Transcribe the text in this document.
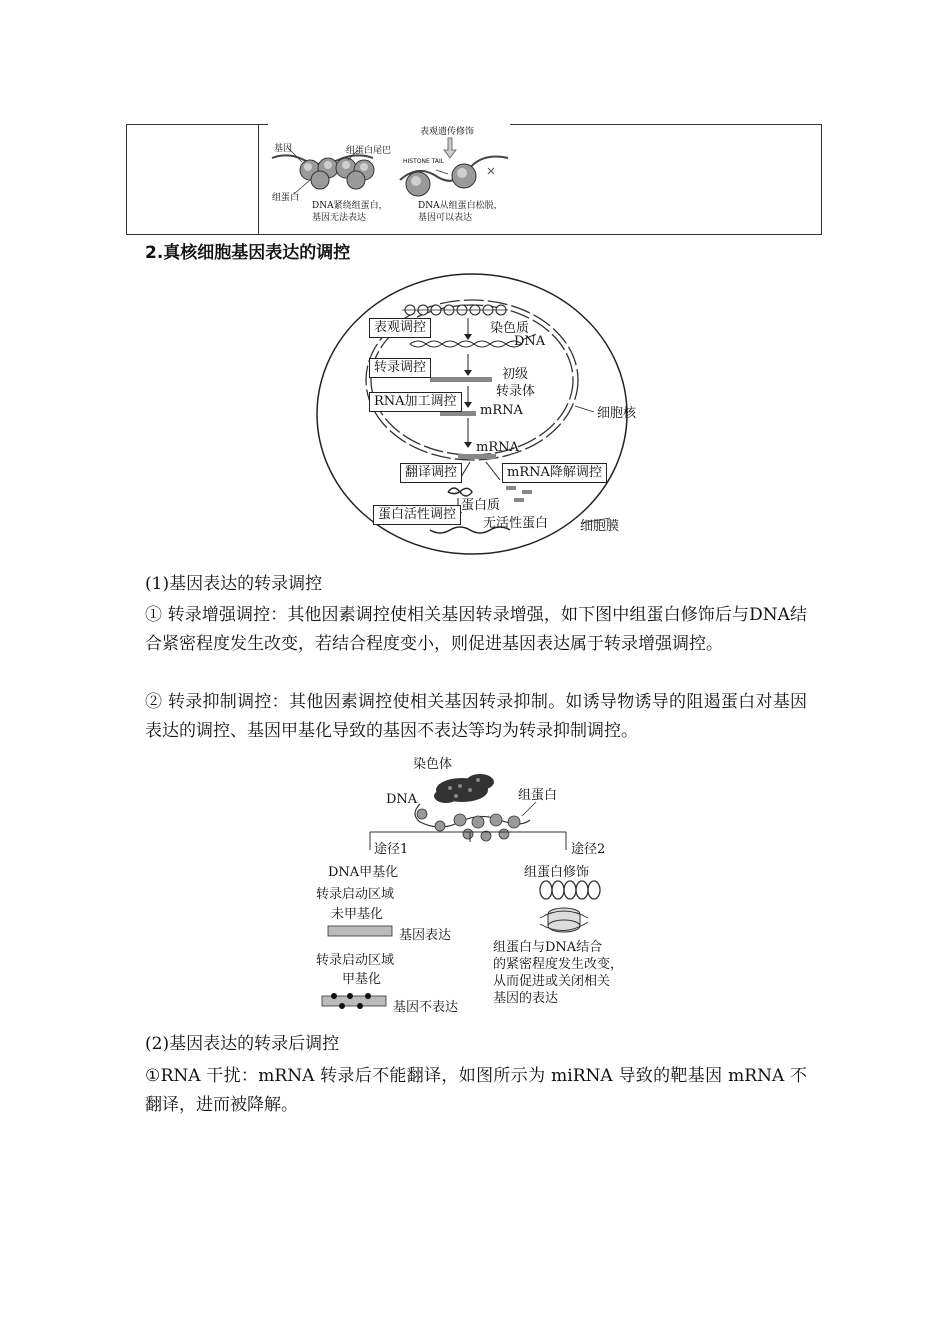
基因	组蛋白尾巴
组蛋白
DNA紧绕组蛋白，
基因无法表达
表观遗传修饰
HISTONE TAIL
DNA从组蛋白松脱，
基因可以表达
2.真核细胞基因表达的调控
表观调控	染色质
DNA
转录调控	初级
转录体
RNA加工调控
mRNA	细胞核
mRNA
翻译调控	mRNA降解调控
蛋白质
蛋白活性调控
无活性蛋白 细胞膜
(1)基因表达的转录调控
① 转录增强调控：其他因素调控使相关基因转录增强，如下图中组蛋白修饰后与DNA结合紧密程度发生改变，若结合程度变小，则促进基因表达属于转录增强调控。
② 转录抑制调控：其他因素调控使相关基因转录抑制。如诱导物诱导的阻遏蛋白对基因表达的调控、基因甲基化导致的基因不表达等均为转录抑制调控。
染色体
DNA	组蛋白
途径1	途径2
DNA甲基化
转录启动区域
未甲基化
基因表达
转录启动区域
甲基化
基因不表达
组蛋白修饰
组蛋白与DNA结合
的紧密程度发生改变，
从而促进或关闭相关
基因的表达
(2)基因表达的转录后调控
①RNA 干扰：mRNA 转录后不能翻译，如图所示为 miRNA 导致的靶基因 mRNA 不翻译，进而被降解。
